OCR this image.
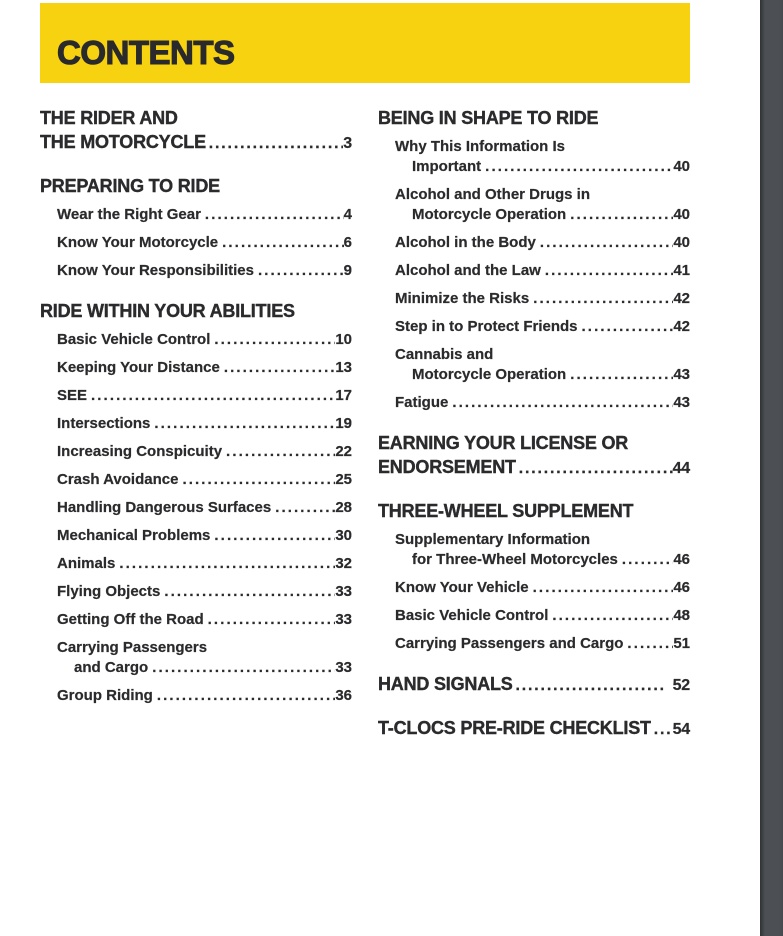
CONTENTS
THE RIDER AND
THE MOTORCYCLE .....	3
PREPARING TO RIDE
Wear the Right Gear .....	4
Know Your Motorcycle .....	6
Know Your Responsibilities .....	9
RIDE WITHIN YOUR ABILITIES
Basic Vehicle Control .....	10
Keeping Your Distance .....	13
SEE .....	17
Intersections .....	19
Increasing Conspicuity .....	22
Crash Avoidance .....	25
Handling Dangerous Surfaces .....	28
Mechanical Problems .....	30
Animals .....	32
Flying Objects .....	33
Getting Off the Road .....	33
Carrying Passengers
and Cargo .....	33
Group Riding .....	36
BEING IN SHAPE TO RIDE
Why This Information Is
Important .....	40
Alcohol and Other Drugs in
Motorcycle Operation .....	40
Alcohol in the Body .....	40
Alcohol and the Law .....	41
Minimize the Risks .....	42
Step in to Protect Friends .....	42
Cannabis and
Motorcycle Operation .....	43
Fatigue .....	43
EARNING YOUR LICENSE OR
ENDORSEMENT .....	44
THREE-WHEEL SUPPLEMENT
Supplementary Information
for Three-Wheel Motorcycles .....	46
Know Your Vehicle .....	46
Basic Vehicle Control .....	48
Carrying Passengers and Cargo .....	51
HAND SIGNALS .....	52
T-CLOCS PRE-RIDE CHECKLIST ..... 54
